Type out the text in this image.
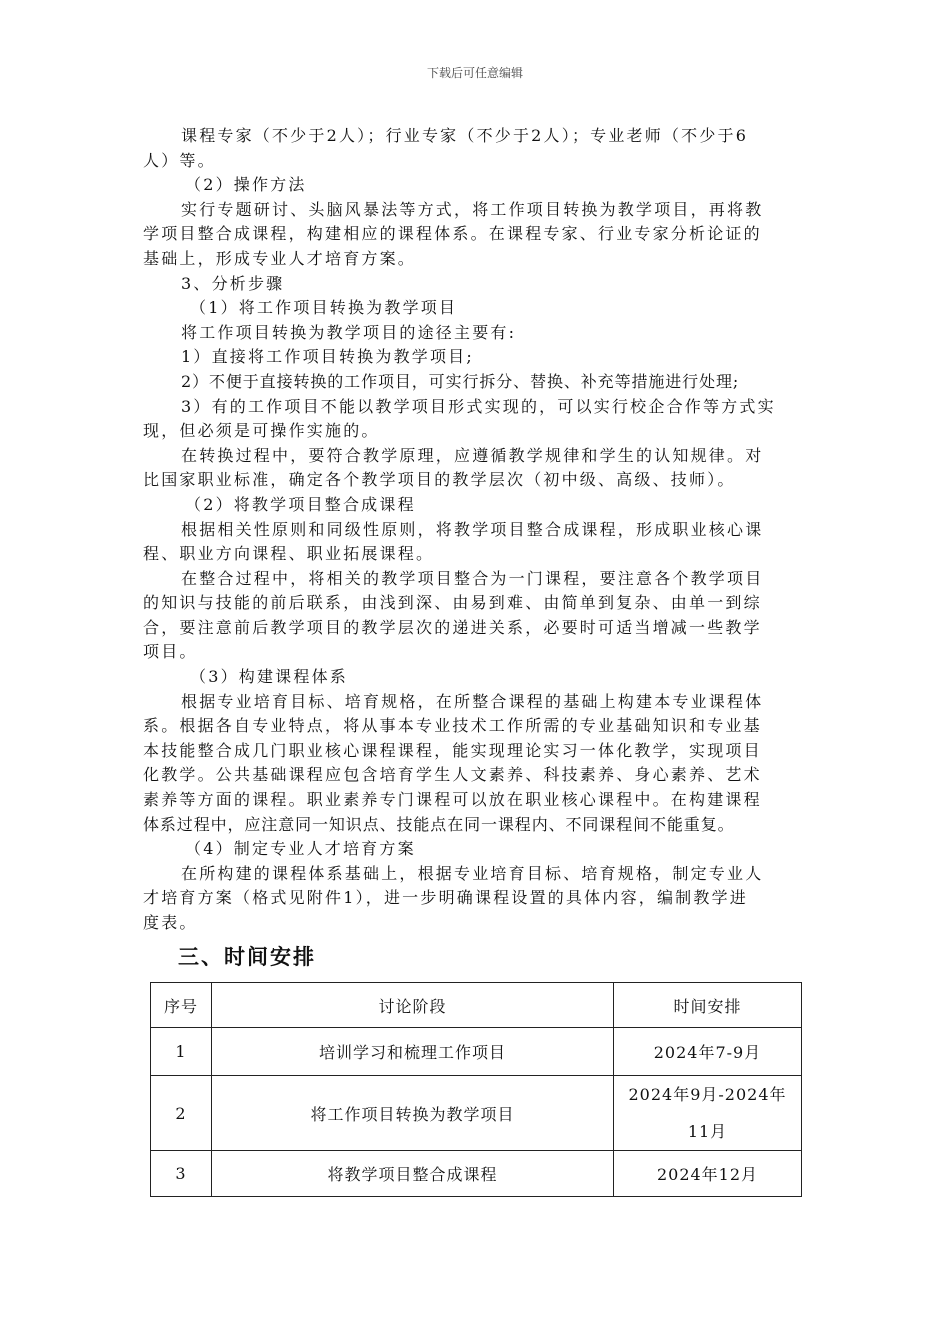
下载后可任意编辑
课程专家（不少于2人）；行业专家（不少于2人）；专业老师（不少于6
人）等。
（2）操作方法
实行专题研讨、头脑风暴法等方式，将工作项目转换为教学项目，再将教
学项目整合成课程，构建相应的课程体系。在课程专家、行业专家分析论证的
基础上，形成专业人才培育方案。
3、分析步骤
（1）将工作项目转换为教学项目
将工作项目转换为教学项目的途径主要有:
1）直接将工作项目转换为教学项目;
2）不便于直接转换的工作项目，可实行拆分、替换、补充等措施进行处理;
3）有的工作项目不能以教学项目形式实现的，可以实行校企合作等方式实
现，但必须是可操作实施的。
在转换过程中，要符合教学原理，应遵循教学规律和学生的认知规律。对
比国家职业标准，确定各个教学项目的教学层次（初中级、高级、技师）。
（2）将教学项目整合成课程
根据相关性原则和同级性原则，将教学项目整合成课程，形成职业核心课
程、职业方向课程、职业拓展课程。
在整合过程中，将相关的教学项目整合为一门课程，要注意各个教学项目
的知识与技能的前后联系，由浅到深、由易到难、由简单到复杂、由单一到综
合，要注意前后教学项目的教学层次的递进关系，必要时可适当增减一些教学
项目。
（3）构建课程体系
根据专业培育目标、培育规格，在所整合课程的基础上构建本专业课程体
系。根据各自专业特点，将从事本专业技术工作所需的专业基础知识和专业基
本技能整合成几门职业核心课程课程，能实现理论实习一体化教学，实现项目
化教学。公共基础课程应包含培育学生人文素养、科技素养、身心素养、艺术
素养等方面的课程。职业素养专门课程可以放在职业核心课程中。在构建课程
体系过程中，应注意同一知识点、技能点在同一课程内、不同课程间不能重复。
（4）制定专业人才培育方案
在所构建的课程体系基础上，根据专业培育目标、培育规格，制定专业人
才培育方案（格式见附件1），进一步明确课程设置的具体内容，编制教学进
度表。
三、时间安排
序号	讨论阶段	时间安排
1	培训学习和梳理工作项目	2024年7-9月
2	将工作项目转换为教学项目	2024年9月-2024年11月
3	将教学项目整合成课程	2024年12月
